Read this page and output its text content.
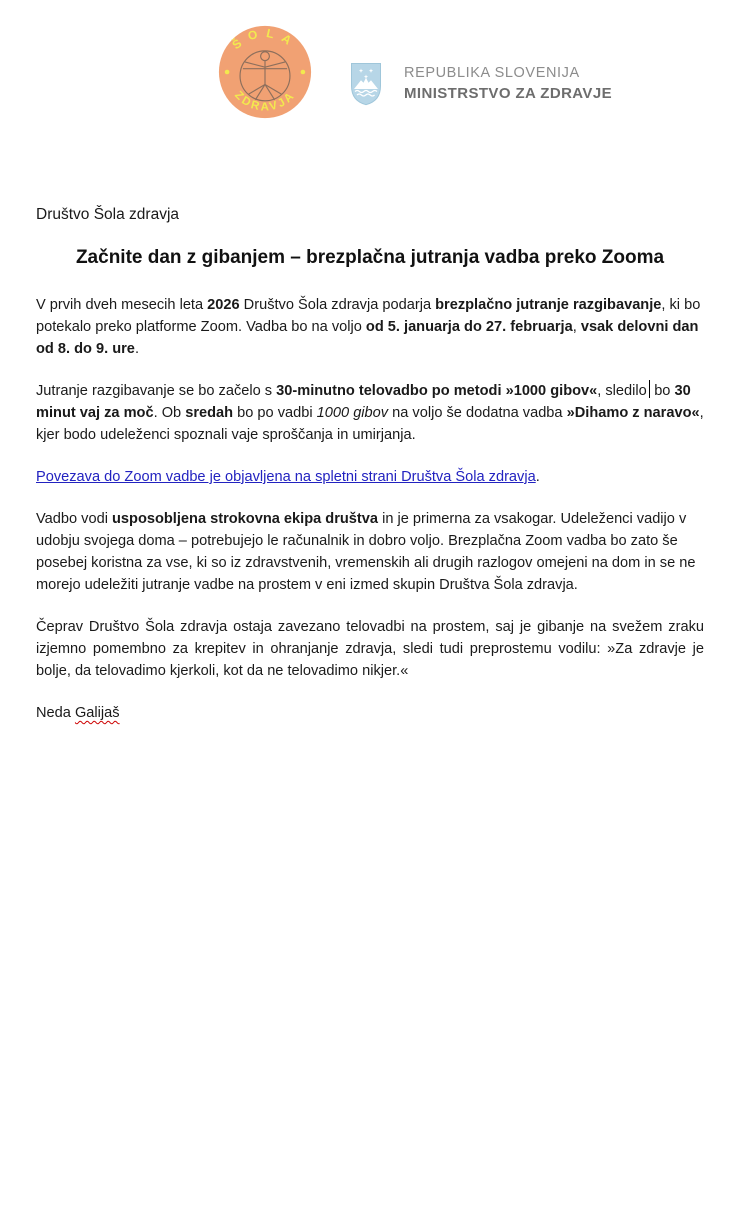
ŠOLA
ZDRAVJA
REPUBLIKA SLOVENIJA
MINISTRSTVO ZA ZDRAVJE

Društvo Šola zdravja

Začnite dan z gibanjem – brezplačna jutranja vadba preko Zooma

V prvih dveh mesecih leta 2026 Društvo Šola zdravja podarja brezplačno jutranje razgibavanje, ki bo potekalo preko platforme Zoom. Vadba bo na voljo od 5. januarja do 27. februarja, vsak delovni dan od 8. do 9. ure.

Jutranje razgibavanje se bo začelo s 30-minutno telovadbo po metodi »1000 gibov«, sledilo bo 30 minut vaj za moč. Ob sredah bo po vadbi 1000 gibov na voljo še dodatna vadba »Dihamo z naravo«, kjer bodo udeleženci spoznali vaje sproščanja in umirjanja.

Povezava do Zoom vadbe je objavljena na spletni strani Društva Šola zdravja.

Vadbo vodi usposobljena strokovna ekipa društva in je primerna za vsakogar. Udeleženci vadijo v udobju svojega doma – potrebujejo le računalnik in dobro voljo. Brezplačna Zoom vadba bo zato še posebej koristna za vse, ki so iz zdravstvenih, vremenskih ali drugih razlogov omejeni na dom in se ne morejo udeležiti jutranje vadbe na prostem v eni izmed skupin Društva Šola zdravja.

Čeprav Društvo Šola zdravja ostaja zavezano telovadbi na prostem, saj je gibanje na svežem zraku izjemno pomembno za krepitev in ohranjanje zdravja, sledi tudi preprostemu vodilu: »Za zdravje je bolje, da telovadimo kjerkoli, kot da ne telovadimo nikjer.«

Neda Galijaš
